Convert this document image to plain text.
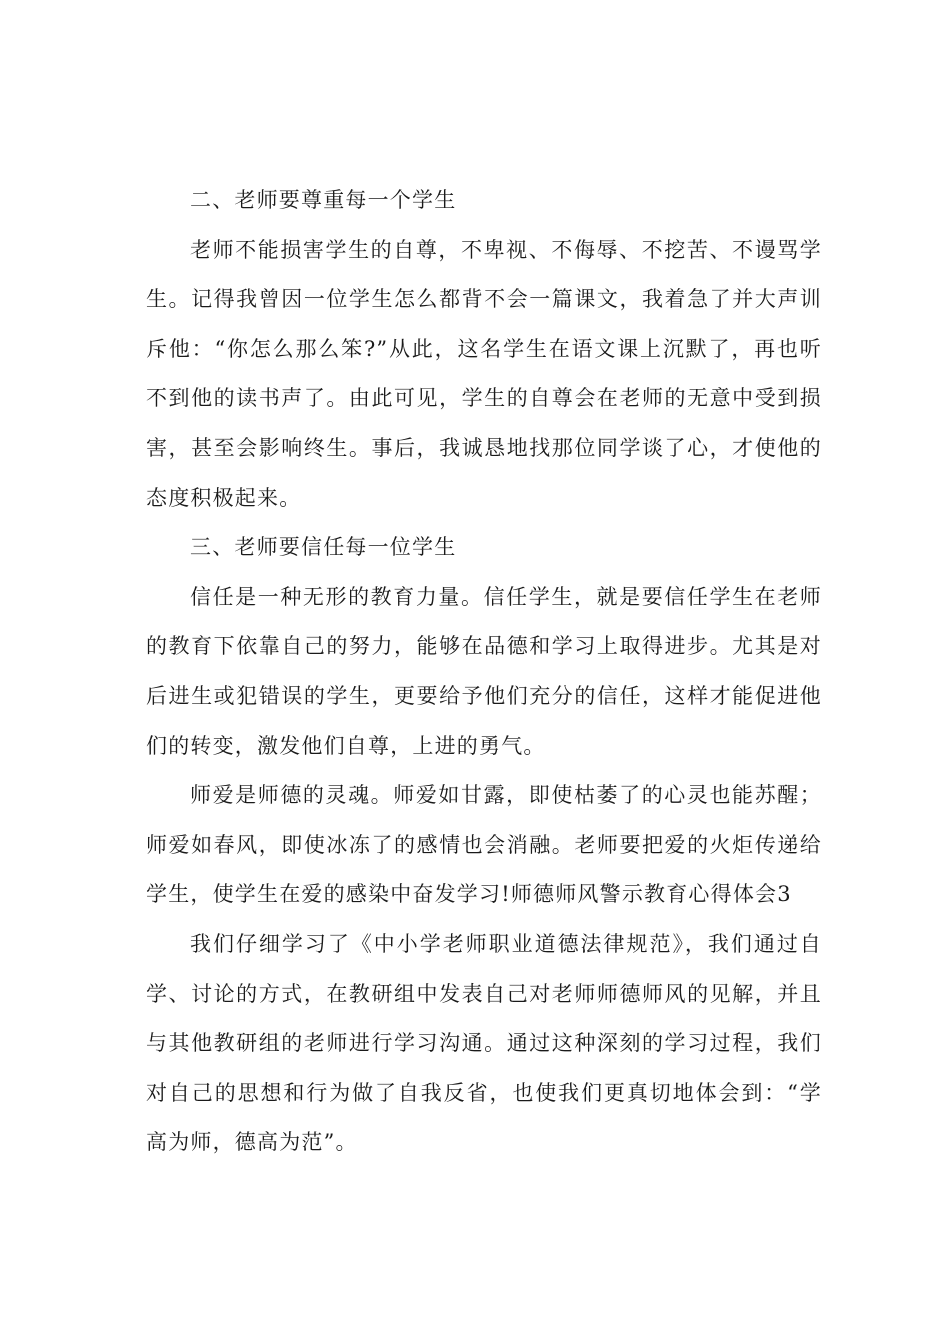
二、老师要尊重每一个学生

老师不能损害学生的自尊，不卑视、不侮辱、不挖苦、不谩骂学生。记得我曾因一位学生怎么都背不会一篇课文，我着急了并大声训斥他：“你怎么那么笨?”从此，这名学生在语文课上沉默了，再也听不到他的读书声了。由此可见，学生的自尊会在老师的无意中受到损害，甚至会影响终生。事后，我诚恳地找那位同学谈了心，才使他的态度积极起来。

三、老师要信任每一位学生

信任是一种无形的教育力量。信任学生，就是要信任学生在老师的教育下依靠自己的努力，能够在品德和学习上取得进步。尤其是对后进生或犯错误的学生，更要给予他们充分的信任，这样才能促进他们的转变，激发他们自尊，上进的勇气。

师爱是师德的灵魂。师爱如甘露，即使枯萎了的心灵也能苏醒；师爱如春风，即使冰冻了的感情也会消融。老师要把爱的火炬传递给学生，使学生在爱的感染中奋发学习!师德师风警示教育心得体会3

我们仔细学习了《中小学老师职业道德法律规范》，我们通过自学、讨论的方式，在教研组中发表自己对老师师德师风的见解，并且与其他教研组的老师进行学习沟通。通过这种深刻的学习过程，我们对自己的思想和行为做了自我反省，也使我们更真切地体会到：“学高为师，德高为范”。
